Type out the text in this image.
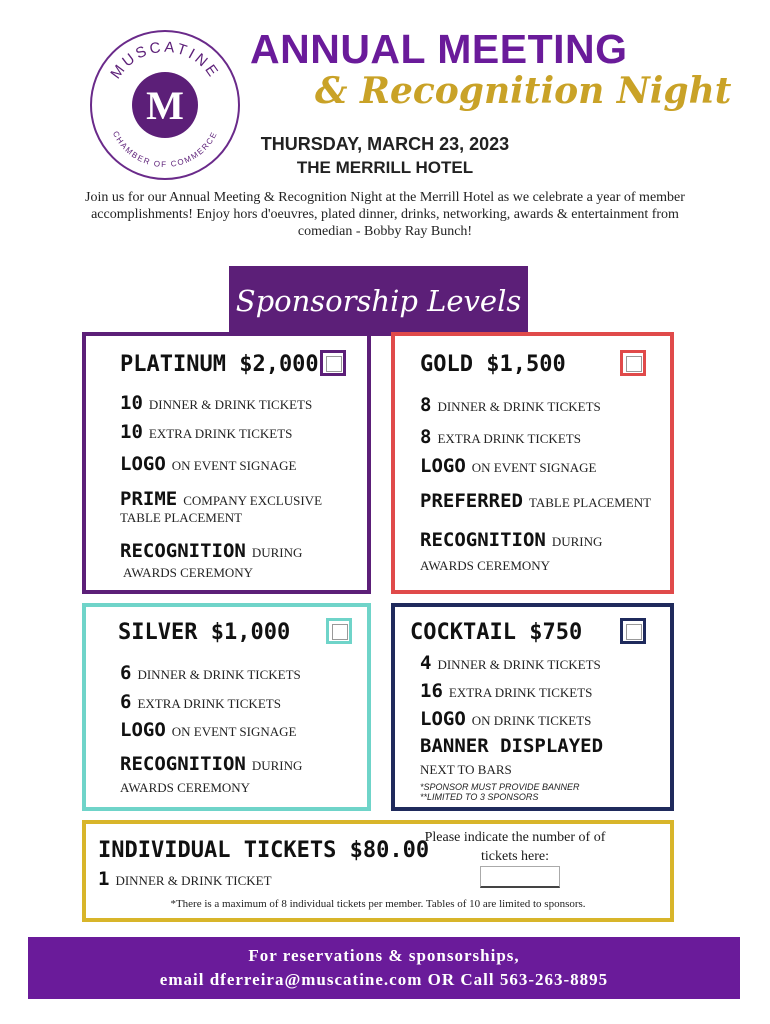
MUSCATINE
CHAMBER OF COMMERCE
M
ANNUAL MEETING
& Recognition Night
THURSDAY, MARCH 23, 2023
THE MERRILL HOTEL
Join us for our Annual Meeting & Recognition Night at the Merrill Hotel as we celebrate a year of member accomplishments! Enjoy hors d'oeuvres, plated dinner, drinks, networking, awards & entertainment from comedian - Bobby Ray Bunch!
Sponsorship Levels
PLATINUM $2,000
10 DINNER & DRINK TICKETS
10 EXTRA DRINK TICKETS
LOGO ON EVENT SIGNAGE
PRIME COMPANY EXCLUSIVE
TABLE PLACEMENT
RECOGNITION DURING
AWARDS CEREMONY
GOLD $1,500
8 DINNER & DRINK TICKETS
8 EXTRA DRINK TICKETS
LOGO ON EVENT SIGNAGE
PREFERRED TABLE PLACEMENT
RECOGNITION DURING
AWARDS CEREMONY
SILVER $1,000
6 DINNER & DRINK TICKETS
6 EXTRA DRINK TICKETS
LOGO ON EVENT SIGNAGE
RECOGNITION DURING
AWARDS CEREMONY
COCKTAIL $750
4 DINNER & DRINK TICKETS
16 EXTRA DRINK TICKETS
LOGO ON DRINK TICKETS
BANNER DISPLAYED
NEXT TO BARS
*SPONSOR MUST PROVIDE BANNER
**LIMITED TO 3 SPONSORS
INDIVIDUAL TICKETS $80.00
1 DINNER & DRINK TICKET
Please indicate the number of of tickets here:
*There is a maximum of 8 individual tickets per member. Tables of 10 are limited to sponsors.
For reservations & sponsorships,
email dferreira@muscatine.com OR Call 563-263-8895
